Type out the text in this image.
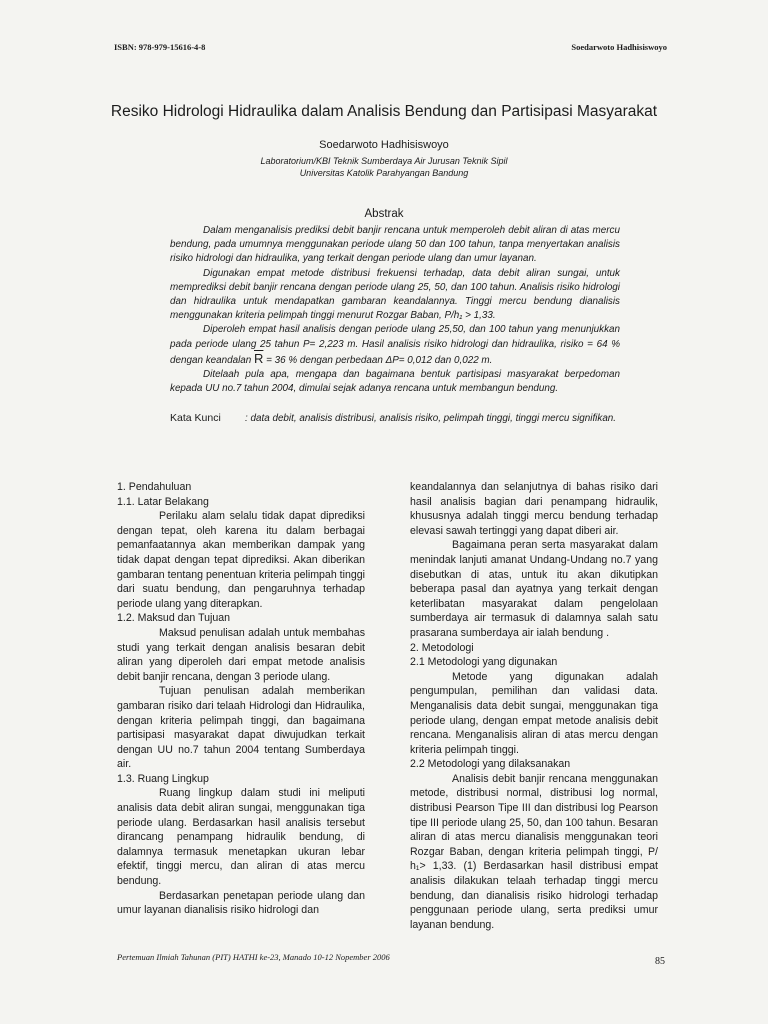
ISBN: 978-979-15616-4-8	Soedarwoto Hadhisiswoyo
Resiko Hidrologi Hidraulika dalam Analisis Bendung dan Partisipasi Masyarakat
Soedarwoto Hadhisiswoyo
Laboratorium/KBI Teknik Sumberdaya Air Jurusan Teknik Sipil
Universitas Katolik Parahyangan Bandung
Abstrak

Dalam menganalisis prediksi debit banjir rencana untuk memperoleh debit aliran di atas mercu bendung, pada umumnya menggunakan periode ulang 50 dan 100 tahun, tanpa menyertakan analisis risiko hidrologi dan hidraulika, yang terkait dengan periode ulang dan umur layanan.

Digunakan empat metode distribusi frekuensi terhadap, data debit aliran sungai, untuk memprediksi debit banjir rencana dengan periode ulang 25, 50, dan 100 tahun. Analisis risiko hidrologi dan hidraulika untuk mendapatkan gambaran keandalannya. Tinggi mercu bendung dianalisis menggunakan kriteria pelimpah tinggi menurut Rozgar Baban, P/h₁ > 1,33.

Diperoleh empat hasil analisis dengan periode ulang 25,50, dan 100 tahun yang menunjukkan pada periode ulang 25 tahun P= 2,223 m. Hasil analisis risiko hidrologi dan hidraulika, risiko = 64 % dengan keandalan $\overline{R} = 36$ % dengan perbedaan ΔP= 0,012 dan 0,022 m.

Ditelaah pula apa, mengapa dan bagaimana bentuk partisipasi masyarakat berpedoman kepada UU no.7 tahun 2004, dimulai sejak adanya rencana untuk membangun bendung.

Kata Kunci : data debit, analisis distribusi, analisis risiko, pelimpah tinggi, tinggi mercu signifikan.

1. Pendahuluan

1.1. Latar Belakang

Perilaku alam selalu tidak dapat diprediksi dengan tepat, oleh karena itu dalam berbagai pemanfaatannya akan memberikan dampak yang tidak dapat dengan tepat diprediksi. Akan diberikan gambaran tentang penentuan kriteria pelimpah tinggi dari suatu bendung, dan pengaruhnya terhadap periode ulang yang diterapkan.

1.2. Maksud dan Tujuan

Maksud penulisan adalah untuk membahas studi yang terkait dengan analisis besaran debit aliran yang diperoleh dari empat metode analisis debit banjir rencana, dengan 3 periode ulang.

Tujuan penulisan adalah memberikan gambaran risiko dari telaah Hidrologi dan Hidraulika, dengan kriteria pelimpah tinggi, dan bagaimana partisipasi masyarakat dapat diwujudkan terkait dengan UU no.7 tahun 2004 tentang Sumberdaya air.

1.3. Ruang Lingkup

Ruang lingkup dalam studi ini meliputi analisis data debit aliran sungai, menggunakan tiga periode ulang. Berdasarkan hasil analisis tersebut dirancang penampang hidraulik bendung, di dalamnya termasuk menetapkan ukuran lebar efektif, tinggi mercu, dan aliran di atas mercu bendung.

Berdasarkan penetapan periode ulang dan umur layanan dianalisis risiko hidrologi dan

keandalannya dan selanjutnya di bahas risiko dari hasil analisis bagian dari penampang hidraulik, khususnya adalah tinggi mercu bendung terhadap elevasi sawah tertinggi yang dapat diberi air.

Bagaimana peran serta masyarakat dalam menindak lanjuti amanat Undang-Undang no.7 yang disebutkan di atas, untuk itu akan dikutipkan beberapa pasal dan ayatnya yang terkait dengan keterlibatan masyarakat dalam pengelolaan sumberdaya air termasuk di dalamnya salah satu prasarana sumberdaya air ialah bendung .

2. Metodologi

2.1 Metodologi yang digunakan

Metode yang digunakan adalah pengumpulan, pemilihan dan validasi data. Menganalisis data debit sungai, menggunakan tiga periode ulang, dengan empat metode analisis debit rencana. Menganalisis aliran di atas mercu dengan kriteria pelimpah tinggi.

2.2 Metodologi yang dilaksanakan

Analisis debit banjir rencana menggunakan metode, distribusi normal, distribusi log normal, distribusi Pearson Tipe III dan distribusi log Pearson tipe III periode ulang 25, 50, dan 100 tahun. Besaran aliran di atas mercu dianalisis menggunakan teori Rozgar Baban, dengan kriteria pelimpah tinggi, P/ h₁> 1,33. (1) Berdasarkan hasil distribusi empat analisis dilakukan telaah terhadap tinggi mercu bendung, dan dianalisis risiko hidrologi terhadap penggunaan periode ulang, serta prediksi umur layanan bendung.

Pertemuan Ilmiah Tahunan (PIT) HATHI ke-23, Manado 10-12 Nopember 2006	85
